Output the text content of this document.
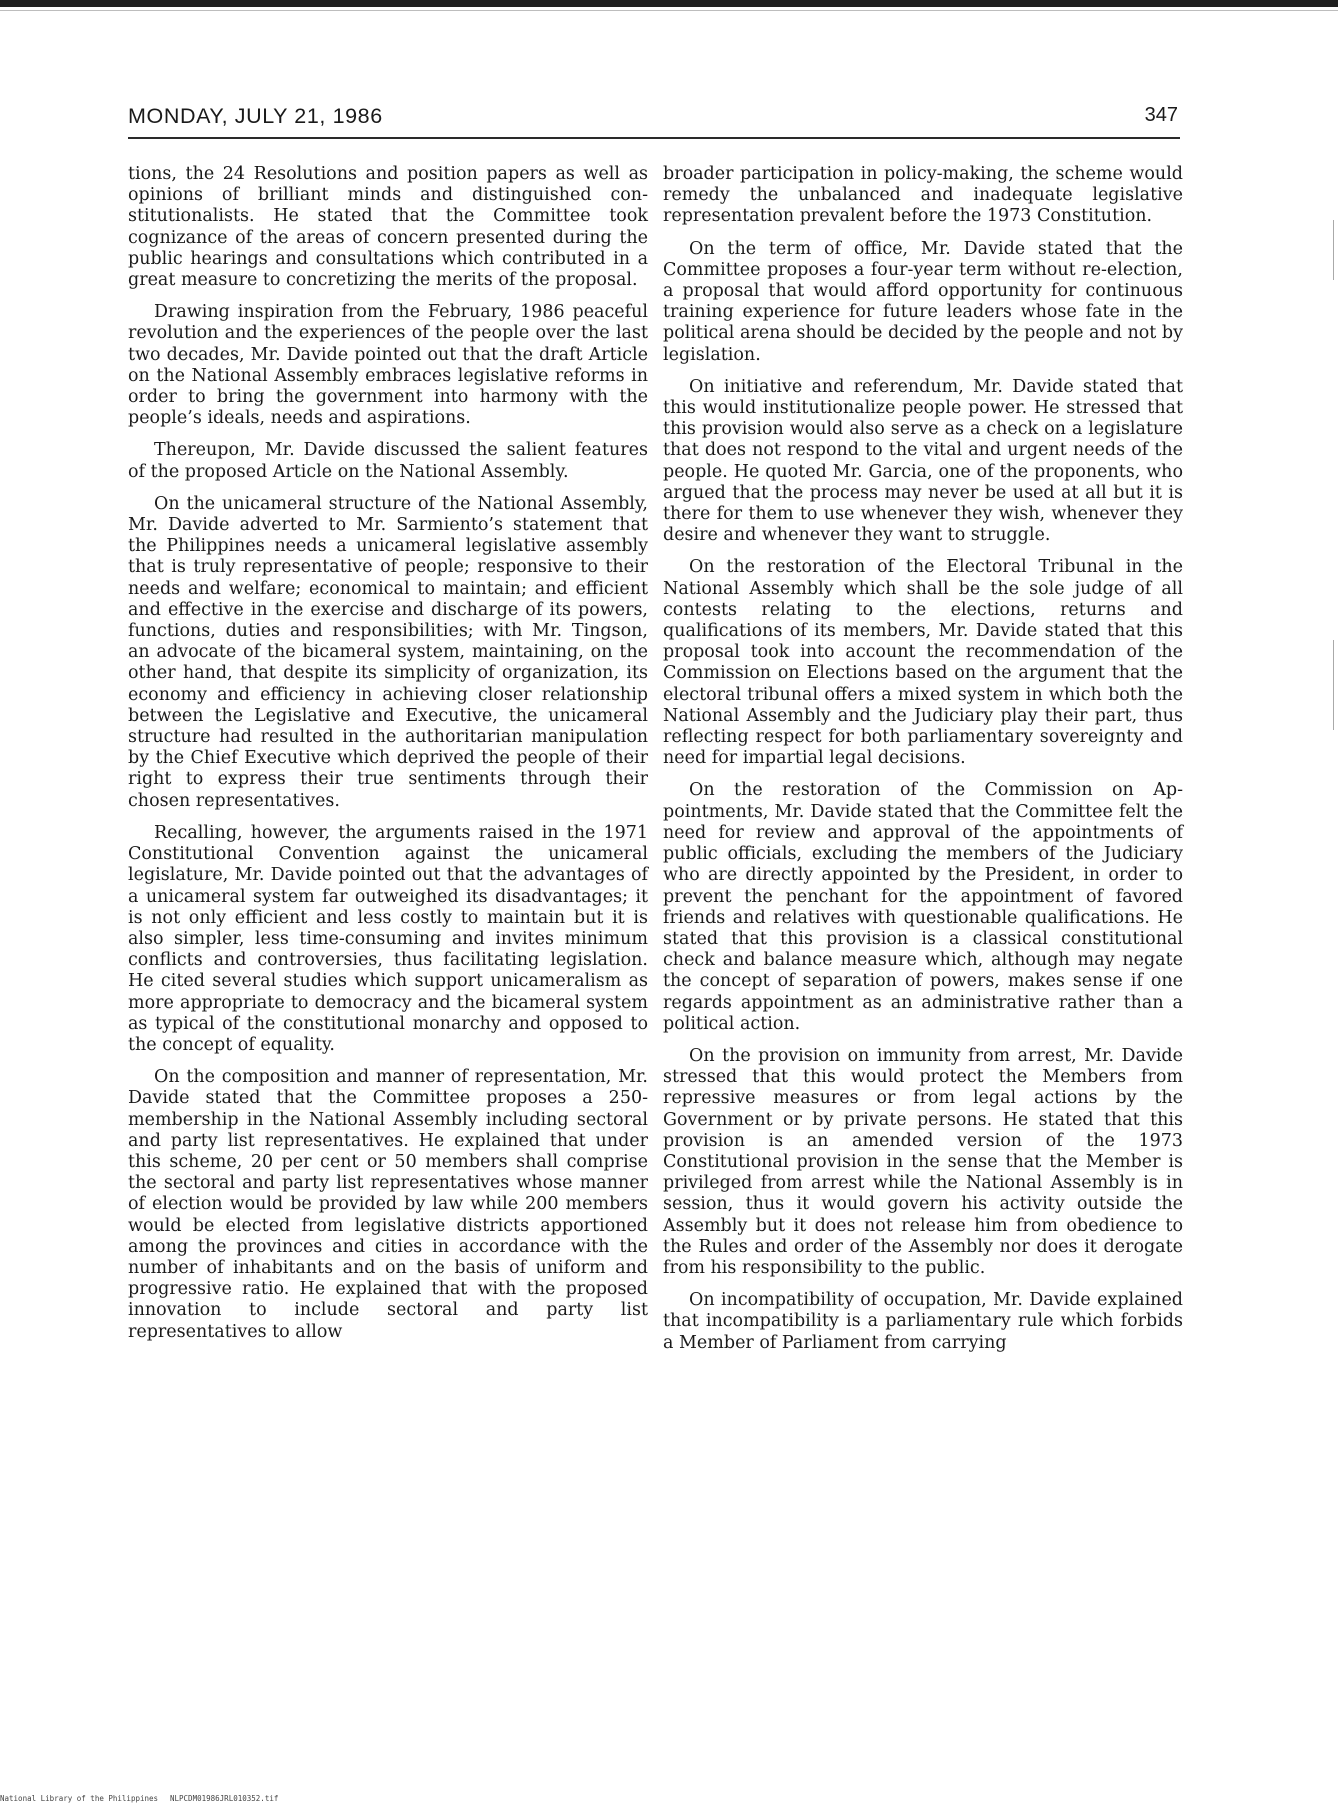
MONDAY, JULY 21, 1986	347

tions, the 24 Resolutions and position papers as well as opinions of brilliant minds and distinguished constitutionalists. He stated that the Committee took cognizance of the areas of concern presented during the public hearings and consultations which contributed in a great measure to concretizing the merits of the proposal.

Drawing inspiration from the February, 1986 peaceful revolution and the experiences of the people over the last two decades, Mr. Davide pointed out that the draft Article on the National Assembly embraces legislative reforms in order to bring the government into harmony with the people’s ideals, needs and aspirations.

Thereupon, Mr. Davide discussed the salient features of the proposed Article on the National Assembly.

On the unicameral structure of the National Assembly, Mr. Davide adverted to Mr. Sarmiento’s statement that the Philippines needs a unicameral legislative assembly that is truly representative of people; responsive to their needs and welfare; economical to maintain; and efficient and effective in the exercise and discharge of its powers, functions, duties and responsibilities; with Mr. Tingson, an advocate of the bicameral system, maintaining, on the other hand, that despite its simplicity of organization, its economy and efficiency in achieving closer relationship between the Legislative and Executive, the unicameral structure had resulted in the authoritarian manipulation by the Chief Executive which deprived the people of their right to express their true sentiments through their chosen representatives.

Recalling, however, the arguments raised in the 1971 Constitutional Convention against the unicameral legislature, Mr. Davide pointed out that the advantages of a unicameral system far outweighed its disadvantages; it is not only efficient and less costly to maintain but it is also simpler, less time-consuming and invites minimum conflicts and controversies, thus facilitating legislation. He cited several studies which support unicameralism as more appropriate to democracy and the bicameral system as typical of the constitutional monarchy and opposed to the concept of equality.

On the composition and manner of representation, Mr. Davide stated that the Committee proposes a 250-membership in the National Assembly including sectoral and party list representatives. He explained that under this scheme, 20 per cent or 50 members shall comprise the sectoral and party list representatives whose manner of election would be provided by law while 200 members would be elected from legislative districts apportioned among the provinces and cities in accordance with the number of inhabitants and on the basis of uniform and progressive ratio. He explained that with the proposed innovation to include sectoral and party list representatives to allow

broader participation in policy-making, the scheme would remedy the unbalanced and inadequate legislative representation prevalent before the 1973 Constitution.

On the term of office, Mr. Davide stated that the Committee proposes a four-year term without re-election, a proposal that would afford opportunity for continuous training experience for future leaders whose fate in the political arena should be decided by the people and not by legislation.

On initiative and referendum, Mr. Davide stated that this would institutionalize people power. He stressed that this provision would also serve as a check on a legislature that does not respond to the vital and urgent needs of the people. He quoted Mr. Garcia, one of the proponents, who argued that the process may never be used at all but it is there for them to use whenever they wish, whenever they desire and whenever they want to struggle.

On the restoration of the Electoral Tribunal in the National Assembly which shall be the sole judge of all contests relating to the elections, returns and qualifications of its members, Mr. Davide stated that this proposal took into account the recommendation of the Commission on Elections based on the argument that the electoral tribunal offers a mixed system in which both the National Assembly and the Judiciary play their part, thus reflecting respect for both parliamentary sovereignty and need for impartial legal decisions.

On the restoration of the Commission on Appointments, Mr. Davide stated that the Committee felt the need for review and approval of the appointments of public officials, excluding the members of the Judiciary who are directly appointed by the President, in order to prevent the penchant for the appointment of favored friends and relatives with questionable qualifications. He stated that this provision is a classical constitutional check and balance measure which, although may negate the concept of separation of powers, makes sense if one regards appointment as an administrative rather than a political action.

On the provision on immunity from arrest, Mr. Davide stressed that this would protect the Members from repressive measures or from legal actions by the Government or by private persons. He stated that this provision is an amended version of the 1973 Constitutional provision in the sense that the Member is privileged from arrest while the National Assembly is in session, thus it would govern his activity outside the Assembly but it does not release him from obedience to the Rules and order of the Assembly nor does it derogate from his responsibility to the public.

On incompatibility of occupation, Mr. Davide explained that incompatibility is a parliamentary rule which forbids a Member of Parliament from carrying

National Library of the Philippines NLPCDM01986JRL010352.tif
